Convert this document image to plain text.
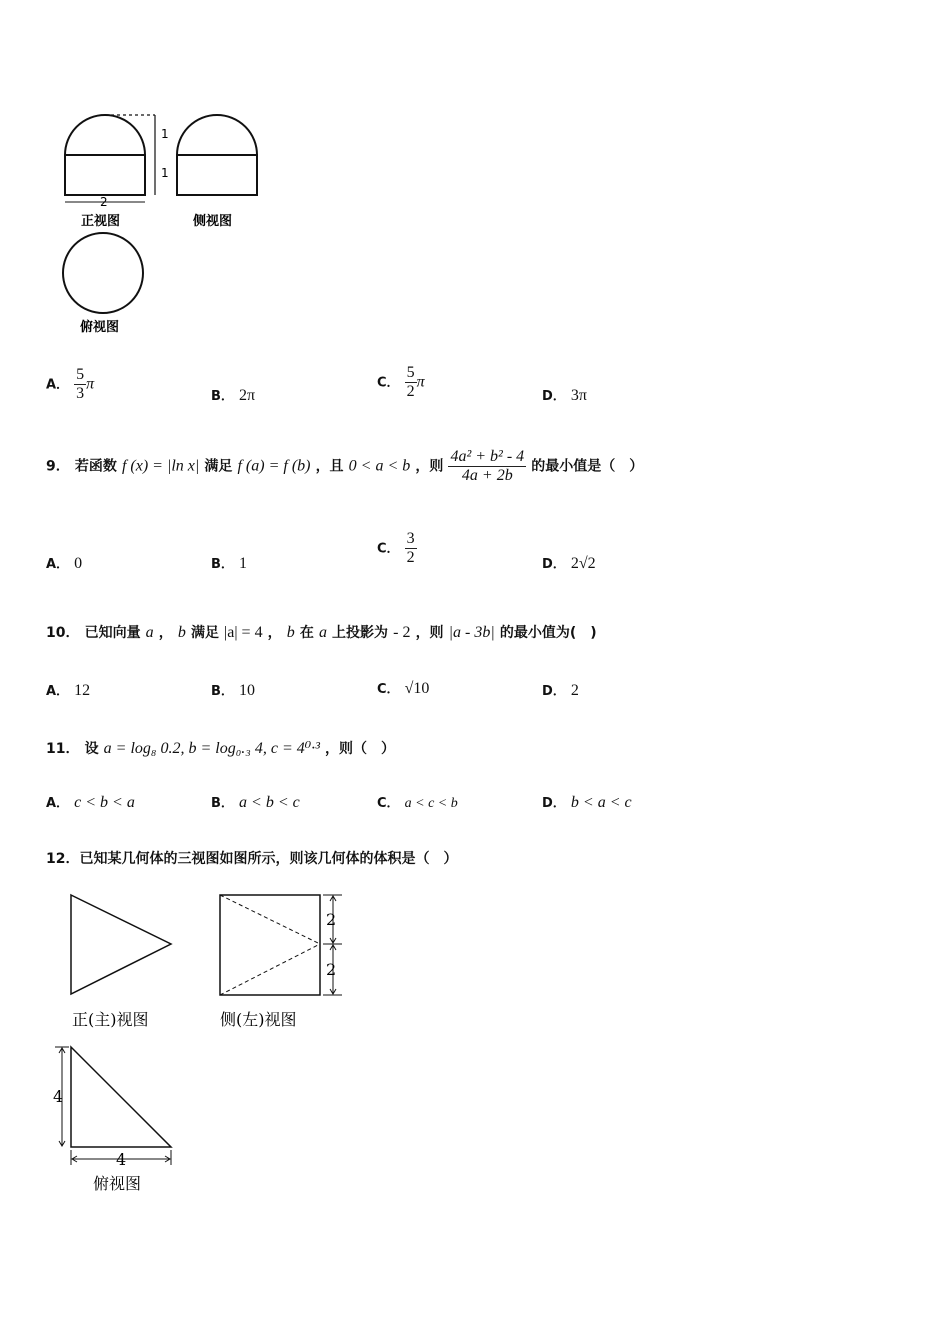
1
1
2
正视图	侧视图
俯视图
A． $\frac{5}{3}$ π
B． 2π
C． $\frac{5}{2}$ π
D． 3π
9． 若函数 f (x) = |ln x| 满足 f (a) = f (b) ，且 0 < a < b ，则 $\frac{\text{4a² + b² - 4}}{4a + 2b}$ 的最小值是（　）
A． 0	B． 1
C． $\frac{3}{2}$	D． 2√2
10． 已知向量 a ， b 满足 |a| = 4 ， b 在 a 上投影为 - 2 ，则 |a - 3b| 的最小值为(　)
A． 12	B． 10	C． √10	D． 2
11． 设 a = log₈ 0.2, b = log₀.₃ 4, c = 4⁰·³ ，则（　）
A． c < b < a	B． a < b < c	C． a < c < b	D． b < a < c
12．已知某几何体的三视图如图所示，则该几何体的体积是（　）
2
2
正(主)视图	侧(左)视图
4
4
俯视图
